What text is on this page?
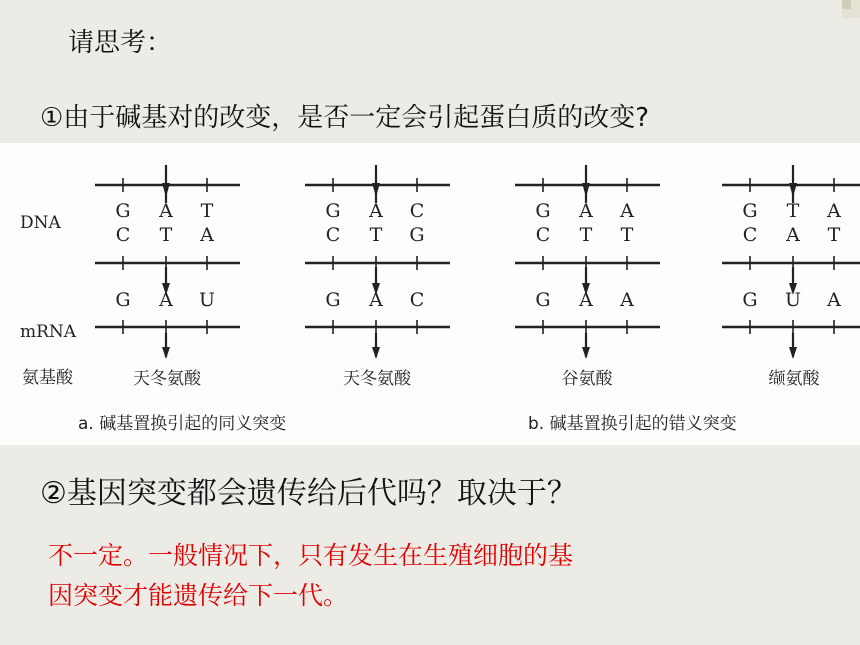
请思考：
①由于碱基对的改变，是否一定会引起蛋白质的改变?
DNA
mRNA
氨基酸
a. 碱基置换引起的同义突变	b. 碱基置换引起的错义突变
G A T
C T A
G A U
天冬氨酸
G A C
C T G
G A C
天冬氨酸
G A A
C T T
G A A
谷氨酸
G T A
C A T
G U A
缬氨酸
②基因突变都会遗传给后代吗？取决于？
不一定。一般情况下，只有发生在生殖细胞的基
因突变才能遗传给下一代。
